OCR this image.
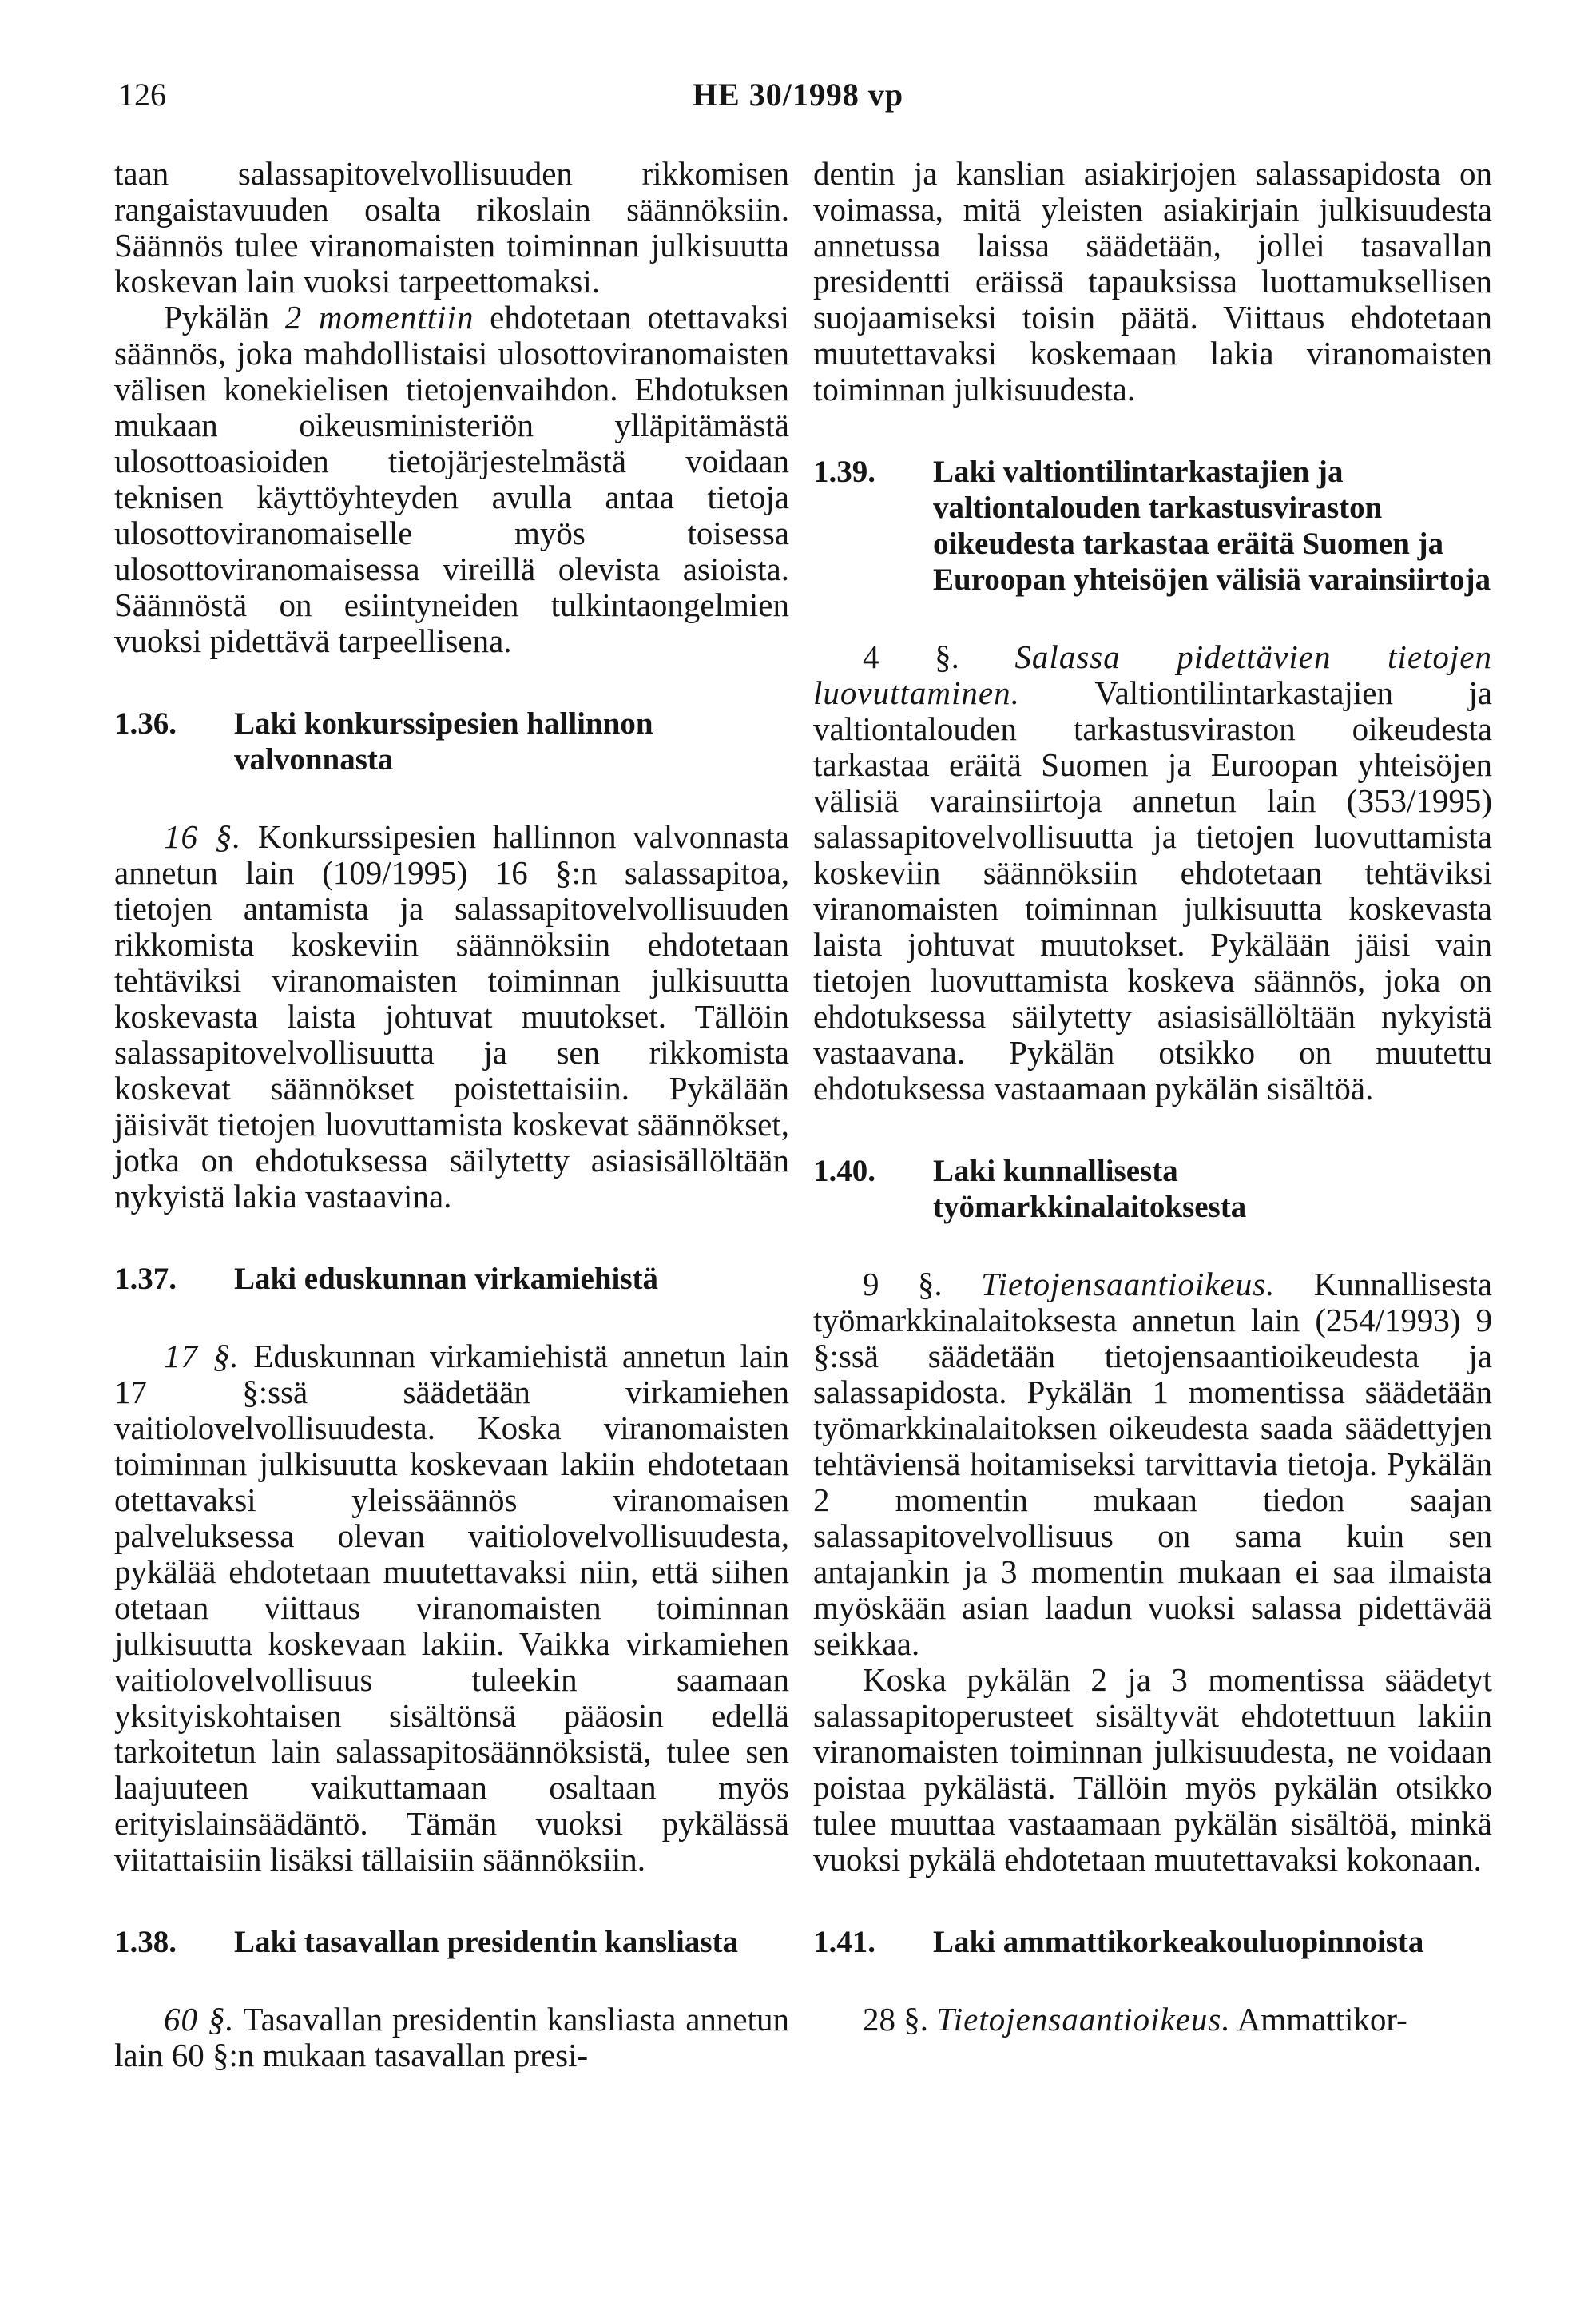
126	HE 30/1998 vp

taan salassapitovelvollisuuden rikkomisen rangaistavuuden osalta rikoslain säännöksiin. Säännös tulee viranomaisten toiminnan julkisuutta koskevan lain vuoksi tarpeettomaksi.

Pykälän 2 momenttiin ehdotetaan otettavaksi säännös, joka mahdollistaisi ulosottoviranomaisten välisen konekielisen tietojenvaihdon. Ehdotuksen mukaan oikeusministeriön ylläpitämästä ulosottoasioiden tietojärjestelmästä voidaan teknisen käyttöyhteyden avulla antaa tietoja ulosottoviranomaiselle myös toisessa ulosottoviranomaisessa vireillä olevista asioista. Säännöstä on esiintyneiden tulkintaongelmien vuoksi pidettävä tarpeellisena.

1.36.	Laki konkurssipesien hallinnon valvonnasta

16 §. Konkurssipesien hallinnon valvonnasta annetun lain (109/1995) 16 §:n salassapitoa, tietojen antamista ja salassapitovelvollisuuden rikkomista koskeviin säännöksiin ehdotetaan tehtäviksi viranomaisten toiminnan julkisuutta koskevasta laista johtuvat muutokset. Tällöin salassapitovelvollisuutta ja sen rikkomista koskevat säännökset poistettaisiin. Pykälään jäisivät tietojen luovuttamista koskevat säännökset, jotka on ehdotuksessa säilytetty asiasisällöltään nykyistä lakia vastaavina.

1.37.	Laki eduskunnan virkamiehistä

17 §. Eduskunnan virkamiehistä annetun lain 17 §:ssä säädetään virkamiehen vaitiolovelvollisuudesta. Koska viranomaisten toiminnan julkisuutta koskevaan lakiin ehdotetaan otettavaksi yleissäännös viranomaisen palveluksessa olevan vaitiolovelvollisuudesta, pykälää ehdotetaan muutettavaksi niin, että siihen otetaan viittaus viranomaisten toiminnan julkisuutta koskevaan lakiin. Vaikka virkamiehen vaitiolovelvollisuus tuleekin saamaan yksityiskohtaisen sisältönsä pääosin edellä tarkoitetun lain salassapitosäännöksistä, tulee sen laajuuteen vaikuttamaan osaltaan myös erityislainsäädäntö. Tämän vuoksi pykälässä viitattaisiin lisäksi tällaisiin säännöksiin.

1.38.	Laki tasavallan presidentin kansliasta

60 §. Tasavallan presidentin kansliasta annetun lain 60 §:n mukaan tasavallan presi-

dentin ja kanslian asiakirjojen salassapidosta on voimassa, mitä yleisten asiakirjain julkisuudesta annetussa laissa säädetään, jollei tasavallan presidentti eräissä tapauksissa luottamuksellisen suojaamiseksi toisin päätä. Viittaus ehdotetaan muutettavaksi koskemaan lakia viranomaisten toiminnan julkisuudesta.

1.39.	Laki valtiontilintarkastajien ja valtiontalouden tarkastusviraston oikeudesta tarkastaa eräitä Suomen ja Euroopan yhteisöjen välisiä varainsiirtoja

4 §. Salassa pidettävien tietojen luovuttaminen. Valtiontilintarkastajien ja valtiontalouden tarkastusviraston oikeudesta tarkastaa eräitä Suomen ja Euroopan yhteisöjen välisiä varainsiirtoja annetun lain (353/1995) salassapitovelvollisuutta ja tietojen luovuttamista koskeviin säännöksiin ehdotetaan tehtäviksi viranomaisten toiminnan julkisuutta koskevasta laista johtuvat muutokset. Pykälään jäisi vain tietojen luovuttamista koskeva säännös, joka on ehdotuksessa säilytetty asiasisällöltään nykyistä vastaavana. Pykälän otsikko on muutettu ehdotuksessa vastaamaan pykälän sisältöä.

1.40.	Laki kunnallisesta työmarkkinalaitoksesta

9 §. Tietojensaantioikeus. Kunnallisesta työmarkkinalaitoksesta annetun lain (254/1993) 9 §:ssä säädetään tietojensaantioikeudesta ja salassapidosta. Pykälän 1 momentissa säädetään työmarkkinalaitoksen oikeudesta saada säädettyjen tehtäviensä hoitamiseksi tarvittavia tietoja. Pykälän 2 momentin mukaan tiedon saajan salassapitovelvollisuus on sama kuin sen antajankin ja 3 momentin mukaan ei saa ilmaista myöskään asian laadun vuoksi salassa pidettävää seikkaa.

Koska pykälän 2 ja 3 momentissa säädetyt salassapitoperusteet sisältyvät ehdotettuun lakiin viranomaisten toiminnan julkisuudesta, ne voidaan poistaa pykälästä. Tällöin myös pykälän otsikko tulee muuttaa vastaamaan pykälän sisältöä, minkä vuoksi pykälä ehdotetaan muutettavaksi kokonaan.

1.41.	Laki ammattikorkeakouluopinnoista

28 §. Tietojensaantioikeus. Ammattikor-
